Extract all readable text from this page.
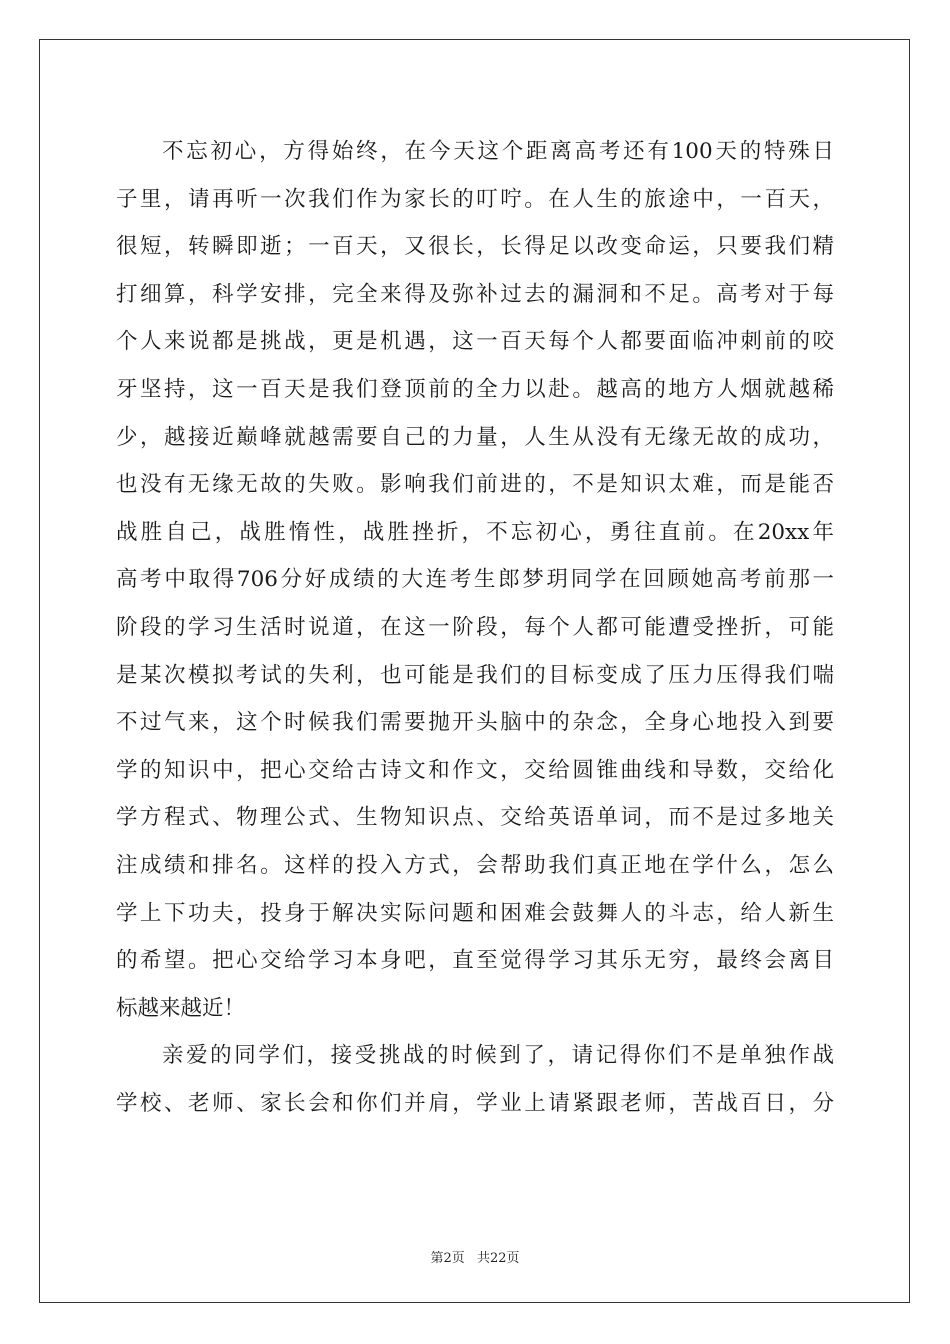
不忘初心，方得始终，在今天这个距离高考还有100天的特殊日
子里，请再听一次我们作为家长的叮咛。在人生的旅途中，一百天，
很短，转瞬即逝；一百天，又很长，长得足以改变命运，只要我们精
打细算，科学安排，完全来得及弥补过去的漏洞和不足。高考对于每
个人来说都是挑战，更是机遇，这一百天每个人都要面临冲刺前的咬
牙坚持，这一百天是我们登顶前的全力以赴。越高的地方人烟就越稀
少，越接近巅峰就越需要自己的力量，人生从没有无缘无故的成功，
也没有无缘无故的失败。影响我们前进的，不是知识太难，而是能否
战胜自己，战胜惰性，战胜挫折，不忘初心，勇往直前。在20xx年
高考中取得706分好成绩的大连考生郎梦玥同学在回顾她高考前那一
阶段的学习生活时说道，在这一阶段，每个人都可能遭受挫折，可能
是某次模拟考试的失利，也可能是我们的目标变成了压力压得我们喘
不过气来，这个时候我们需要抛开头脑中的杂念，全身心地投入到要
学的知识中，把心交给古诗文和作文，交给圆锥曲线和导数，交给化
学方程式、物理公式、生物知识点、交给英语单词，而不是过多地关
注成绩和排名。这样的投入方式，会帮助我们真正地在学什么，怎么
学上下功夫，投身于解决实际问题和困难会鼓舞人的斗志，给人新生
的希望。把心交给学习本身吧，直至觉得学习其乐无穷，最终会离目
标越来越近！
亲爱的同学们，接受挑战的时候到了，请记得你们不是单独作战
学校、老师、家长会和你们并肩，学业上请紧跟老师，苦战百日，分
第2页 共22页
